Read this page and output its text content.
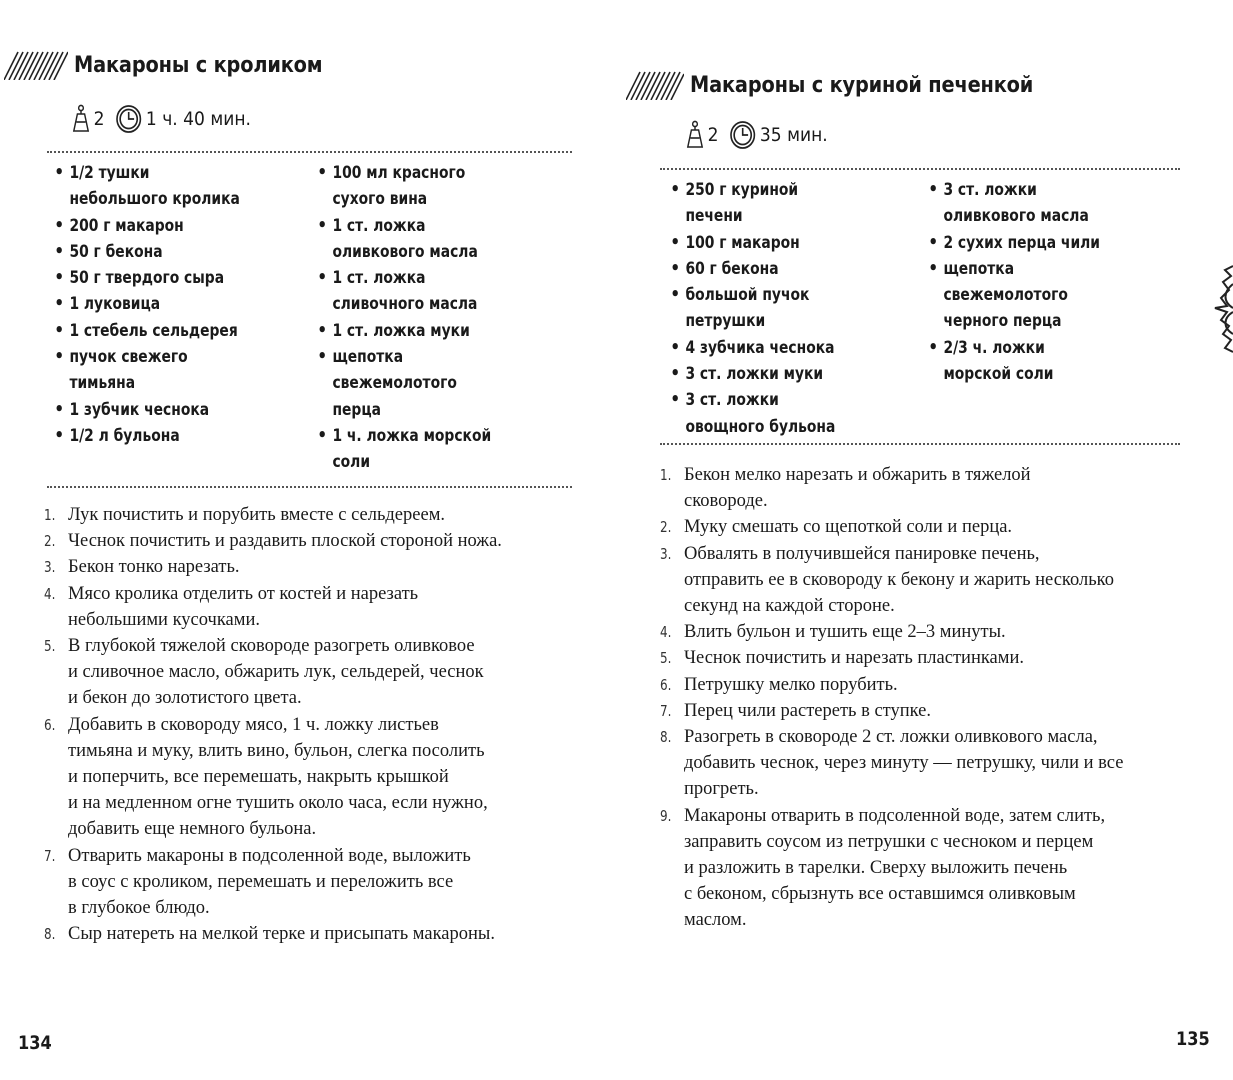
Макароны с кроликом
2 1 ч. 40 мин.
• 1/2 тушки
небольшого кролика
• 200 г макарон
• 50 г бекона
• 50 г твердого сыра
• 1 луковица
• 1 стебель сельдерея
• пучок свежего
тимьяна
• 1 зубчик чеснока
• 1/2 л бульона
• 100 мл красного
сухого вина
• 1 ст. ложка
оливкового масла
• 1 ст. ложка
сливочного масла
• 1 ст. ложка муки
• щепотка
свежемолотого
перца
• 1 ч. ложка морской
соли
1. Лук почистить и порубить вместе с сельдереем.
2. Чеснок почистить и раздавить плоской стороной ножа.
3. Бекон тонко нарезать.
4. Мясо кролика отделить от костей и нарезать
небольшими кусочками.
5. В глубокой тяжелой сковороде разогреть оливковое
и сливочное масло, обжарить лук, сельдерей, чеснок
и бекон до золотистого цвета.
6. Добавить в сковороду мясо, 1 ч. ложку листьев
тимьяна и муку, влить вино, бульон, слегка посолить
и поперчить, все перемешать, накрыть крышкой
и на медленном огне тушить около часа, если нужно,
добавить еще немного бульона.
7. Отварить макароны в подсоленной воде, выложить
в соус с кроликом, перемешать и переложить все
в глубокое блюдо.
8. Сыр натереть на мелкой терке и присыпать макароны.
134
Макароны с куриной печенкой
2 35 мин.
• 250 г куриной
печени
• 100 г макарон
• 60 г бекона
• большой пучок
петрушки
• 4 зубчика чеснока
• 3 ст. ложки муки
• 3 ст. ложки
овощного бульона
• 3 ст. ложки
оливкового масла
• 2 сухих перца чили
• щепотка
свежемолотого
черного перца
• 2/3 ч. ложки
морской соли
1. Бекон мелко нарезать и обжарить в тяжелой
сковороде.
2. Муку смешать со щепоткой соли и перца.
3. Обвалять в получившейся панировке печень,
отправить ее в сковороду к бекону и жарить несколько
секунд на каждой стороне.
4. Влить бульон и тушить еще 2–3 минуты.
5. Чеснок почистить и нарезать пластинками.
6. Петрушку мелко порубить.
7. Перец чили растереть в ступке.
8. Разогреть в сковороде 2 ст. ложки оливкового масла,
добавить чеснок, через минуту — петрушку, чили и все
прогреть.
9. Макароны отварить в подсоленной воде, затем слить,
заправить соусом из петрушки с чесноком и перцем
и разложить в тарелки. Сверху выложить печень
с беконом, сбрызнуть все оставшимся оливковым
маслом.
135
